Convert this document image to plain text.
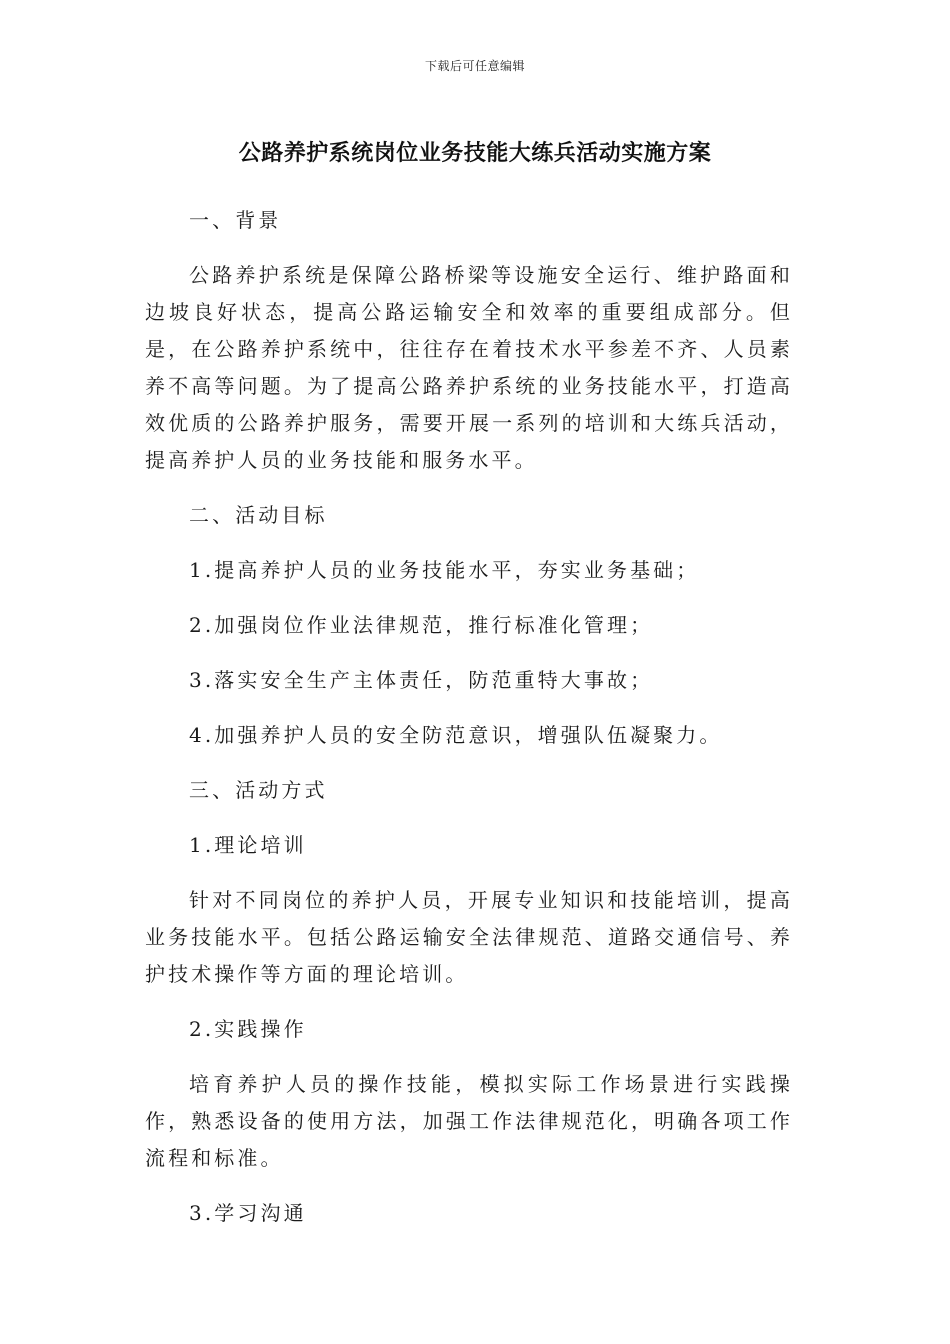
下载后可任意编辑
公路养护系统岗位业务技能大练兵活动实施方案

一、背景

公路养护系统是保障公路桥梁等设施安全运行、维护路面和边坡良好状态，提高公路运输安全和效率的重要组成部分。但是，在公路养护系统中，往往存在着技术水平参差不齐、人员素养不高等问题。为了提高公路养护系统的业务技能水平，打造高效优质的公路养护服务，需要开展一系列的培训和大练兵活动，提高养护人员的业务技能和服务水平。

二、活动目标

1.提高养护人员的业务技能水平，夯实业务基础；

2.加强岗位作业法律规范，推行标准化管理；

3.落实安全生产主体责任，防范重特大事故；

4.加强养护人员的安全防范意识，增强队伍凝聚力。

三、活动方式

1.理论培训

针对不同岗位的养护人员，开展专业知识和技能培训，提高业务技能水平。包括公路运输安全法律规范、道路交通信号、养护技术操作等方面的理论培训。

2.实践操作

培育养护人员的操作技能，模拟实际工作场景进行实践操作，熟悉设备的使用方法，加强工作法律规范化，明确各项工作流程和标准。

3.学习沟通
